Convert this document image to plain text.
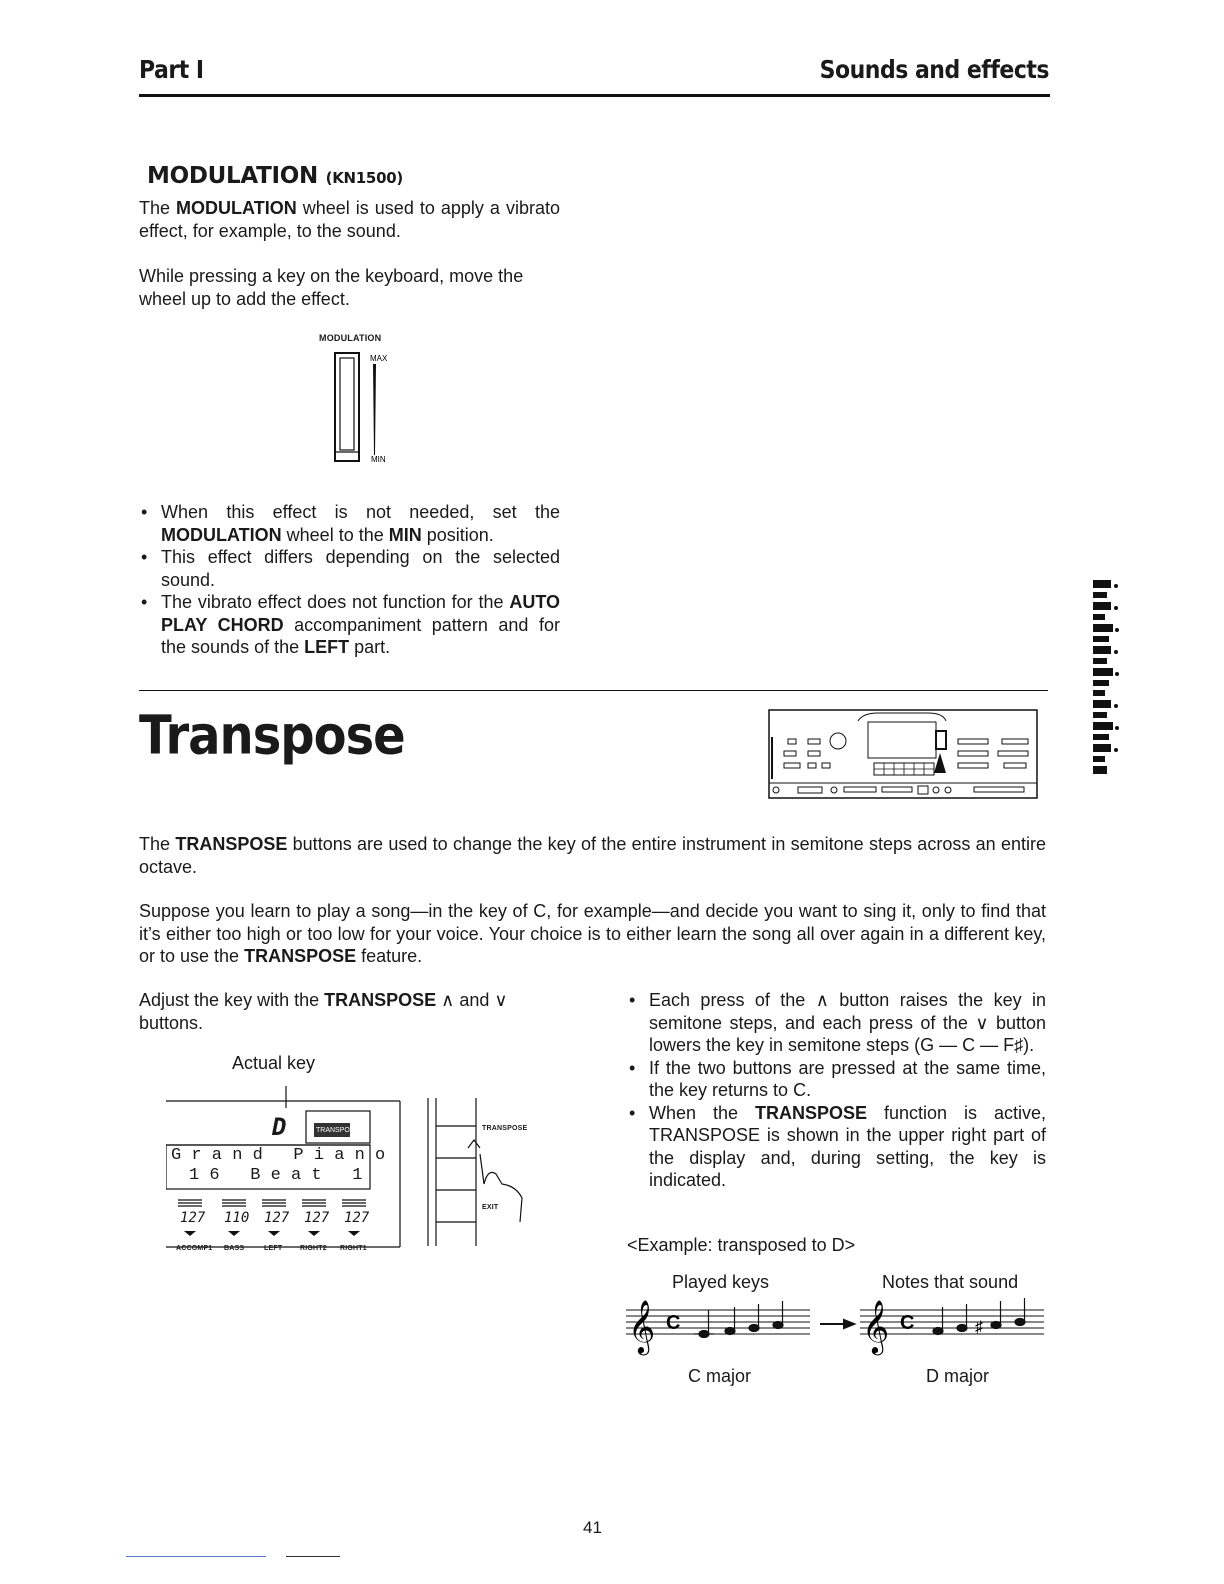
Part I	Sounds and effects
MODULATION (KN1500)
The MODULATION wheel is used to apply a vibrato effect, for example, to the sound.
While pressing a key on the keyboard, move the wheel up to add the effect.
MODULATION
MAX
MIN
• When this effect is not needed, set the MODULATION wheel to the MIN position.
• This effect differs depending on the selected sound.
• The vibrato effect does not function for the AUTO PLAY CHORD accompaniment pattern and for the sounds of the LEFT part.
Transpose
The TRANSPOSE buttons are used to change the key of the entire instrument in semitone steps across an entire octave.
Suppose you learn to play a song—in the key of C, for example—and decide you want to sing it, only to find that it’s either too high or too low for your voice. Your choice is to either learn the song all over again in a different key, or to use the TRANSPOSE feature.
Adjust the key with the TRANSPOSE ∧ and ∨ buttons.
Actual key
D	TRANSPOSE
G r a n d   P i a n o
1 6   B e a t   1
127 110 127 127 127
ACCOMP1 BASS	LEFT	RIGHT2 RIGHT1
TRANSPOSE
EXIT
• Each press of the ∧ button raises the key in semitone steps, and each press of the ∨ button lowers the key in semitone steps (G — C — F♯).
• If the two buttons are pressed at the same time, the key returns to C.
• When the TRANSPOSE function is active, TRANSPOSE is shown in the upper right part of the display and, during setting, the key is indicated.
<Example: transposed to D>
Played keys	Notes that sound
𝄞	𝄞
C	C	♯
C major	D major
41
